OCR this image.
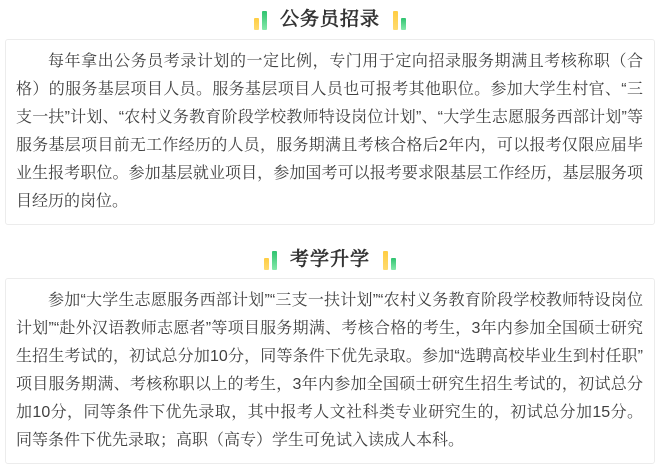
公务员招录

每年拿出公务员考录计划的一定比例，专门用于定向招录服务期满且考核称职（合格）的服务基层项目人员。服务基层项目人员也可报考其他职位。参加大学生村官、“三支一扶”计划、“农村义务教育阶段学校教师特设岗位计划”、“大学生志愿服务西部计划”等服务基层项目前无工作经历的人员，服务期满且考核合格后2年内，可以报考仅限应届毕业生报考职位。参加基层就业项目，参加国考可以报考要求限基层工作经历，基层服务项目经历的岗位。

考学升学

参加“大学生志愿服务西部计划”“三支一扶计划”“农村义务教育阶段学校教师特设岗位计划”“赴外汉语教师志愿者”等项目服务期满、考核合格的考生，3年内参加全国硕士研究生招生考试的，初试总分加10分，同等条件下优先录取。参加“选聘高校毕业生到村任职”项目服务期满、考核称职以上的考生，3年内参加全国硕士研究生招生考试的，初试总分加10分，同等条件下优先录取，其中报考人文社科类专业研究生的，初试总分加15分。同等条件下优先录取；高职（高专）学生可免试入读成人本科。
